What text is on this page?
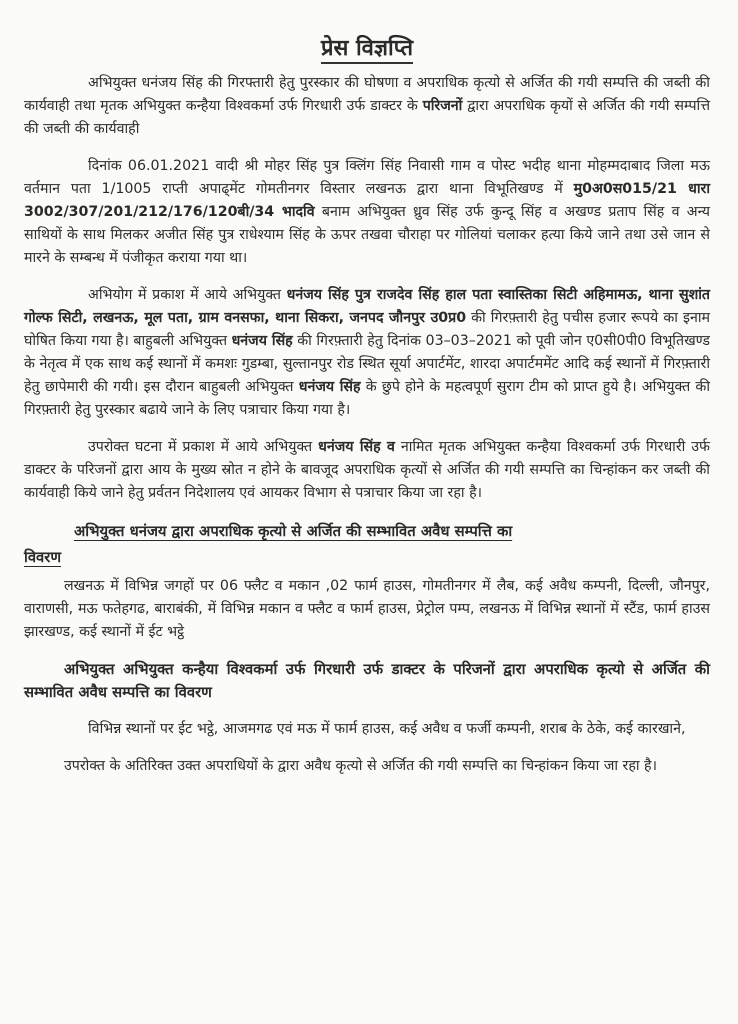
प्रेस विज्ञप्ति

अभियुक्त धनंजय सिंह की गिरफ्तारी हेतु पुरस्कार की घोषणा व अपराधिक कृत्यो से अर्जित की गयी सम्पत्ति की जब्ती की कार्यवाही तथा मृतक अभियुक्त कन्हैया विश्वकर्मा उर्फ गिरधारी उर्फ डाक्टर के परिजनों द्वारा अपराधिक कृयों से अर्जित की गयी सम्पत्ति की जब्ती की कार्यवाही

दिनांक 06.01.2021 वादी श्री मोहर सिंह पुत्र क्लिंग सिंह निवासी गाम व पोस्ट भदीह थाना मोहम्मदाबाद जिला मऊ वर्तमान पता 1/1005 राप्ती अपाढ्मेंट गोमतीनगर विस्तार लखनऊ द्वारा थाना विभूतिखण्ड में मु0अ0स015/21 धारा 3002/307/201/212/176/120बी/34 भादवि बनाम अभियुक्त ध्रुव सिंह उर्फ कुन्दू सिंह व अखण्ड प्रताप सिंह व अन्य साथियों के साथ मिलकर अजीत सिंह पुत्र राधेश्याम सिंह के ऊपर तखवा चौराहा पर गोलियां चलाकर हत्या किये जाने तथा उसे जान से मारने के सम्बन्ध में पंजीकृत कराया गया था।

अभियोग में प्रकाश में आये अभियुक्त धनंजय सिंह पुत्र राजदेव सिंह हाल पता स्वास्तिका सिटी अहिमामऊ, थाना सुशांत गोल्फ सिटी, लखनऊ, मूल पता, ग्राम वनसफा, थाना सिकरा, जनपद जौनपुर उ0प्र0 की गिरफ़्तारी हेतु पचीस हजार रूपये का इनाम घोषित किया गया है। बाहुबली अभियुक्त धनंजय सिंह की गिरफ़्तारी हेतु दिनांक 03–03–2021 को पूवी जोन ए0सी0पी0 विभूतिखण्ड के नेतृत्व में एक साथ कई स्थानों में कमशः गुडम्बा, सुल्तानपुर रोड स्थित सूर्या अपार्टमेंट, शारदा अपार्टममेंट आदि कई स्थानों में गिरफ़्तारी हेतु छापेमारी की गयी। इस दौरान बाहुबली अभियुक्त धनंजय सिंह के छुपे होने के महत्वपूर्ण सुराग टीम को प्राप्त हुये है। अभियुक्त की गिरफ़्तारी हेतु पुरस्कार बढाये जाने के लिए पत्राचार किया गया है।

उपरोक्त घटना में प्रकाश में आये अभियुक्त धनंजय सिंह व नामित मृतक अभियुक्त कन्हैया विश्वकर्मा उर्फ गिरधारी उर्फ डाक्टर के परिजनों द्वारा आय के मुख्य स्रोत न होने के बावजूद अपराधिक कृत्यों से अर्जित की गयी सम्पत्ति का चिन्हांकन कर जब्ती की कार्यवाही किये जाने हेतु प्रर्वतन निदेशालय एवं आयकर विभाग से पत्राचार किया जा रहा है।

अभियुक्त धनंजय द्वारा अपराधिक कृत्यो से अर्जित की सम्भावित अवैध सम्पत्ति का
विवरण

लखनऊ में विभिन्न जगहों पर 06 फ्लैट व मकान ,02 फार्म हाउस, गोमतीनगर में लैब, कई अवैध कम्पनी, दिल्ली, जौनपुर, वाराणसी, मऊ फतेहगढ, बाराबंकी, में विभिन्न मकान व फ्लैट व फार्म हाउस, प्रेट्रोल पम्प, लखनऊ में विभिन्न स्थानों में स्टैंड, फार्म हाउस झारखण्ड, कई स्थानों में ईट भट्ठे

अभियुक्त अभियुक्त कन्हैया विश्वकर्मा उर्फ गिरधारी उर्फ डाक्टर के परिजनों द्वारा अपराधिक कृत्यो से अर्जित की सम्भावित अवैध सम्पत्ति का विवरण

विभिन्न स्थानों पर ईट भट्ठे, आजमगढ एवं मऊ में फार्म हाउस, कई अवैध व फर्जी कम्पनी, शराब के ठेके, कई कारखाने,

उपरोक्त के अतिरिक्त उक्त अपराधियों के द्वारा अवैध कृत्यो से अर्जित की गयी सम्पत्ति का चिन्हांकन किया जा रहा है।
